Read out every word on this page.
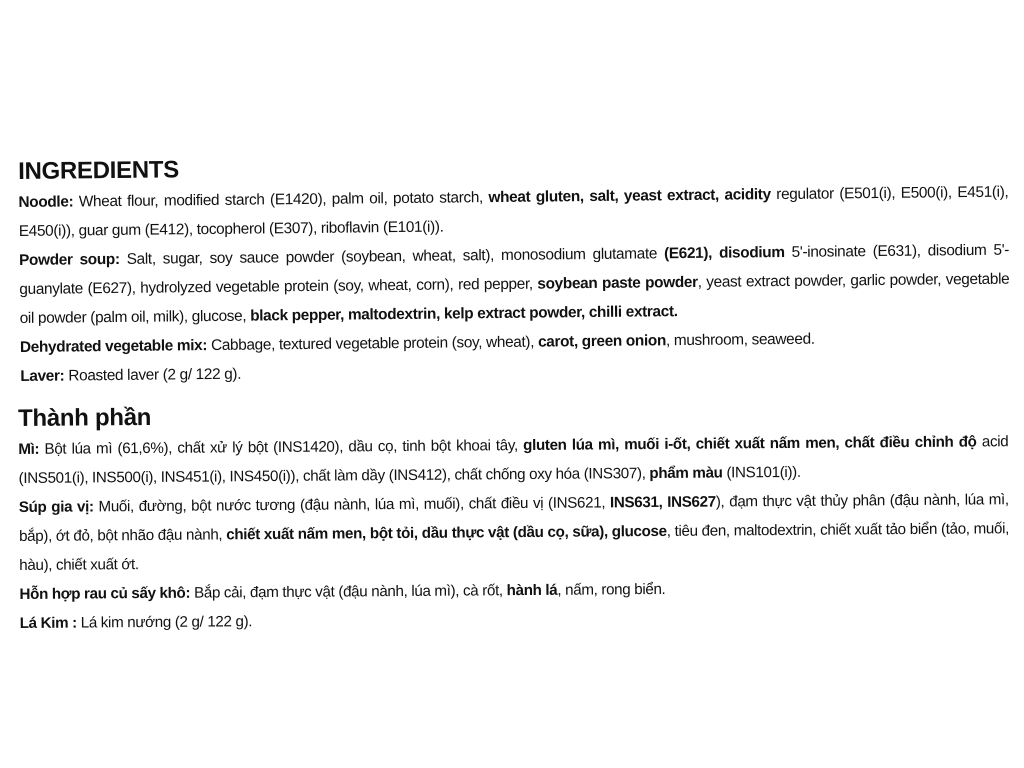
INGREDIENTS

Noodle: Wheat flour, modified starch (E1420), palm oil, potato starch, wheat gluten, salt, yeast extract, acidity regulator (E501(i), E500(i), E451(i), E450(i)), guar gum (E412), tocopherol (E307), riboflavin (E101(i)).

Powder soup: Salt, sugar, soy sauce powder (soybean, wheat, salt), monosodium glutamate (E621), disodium 5'-inosinate (E631), disodium 5'-guanylate (E627), hydrolyzed vegetable protein (soy, wheat, corn), red pepper, soybean paste powder, yeast extract powder, garlic powder, vegetable oil powder (palm oil, milk), glucose, black pepper, maltodextrin, kelp extract powder, chilli extract.

Dehydrated vegetable mix: Cabbage, textured vegetable protein (soy, wheat), carot, green onion, mushroom, seaweed.

Laver: Roasted laver (2 g/ 122 g).

Thành phần

Mì: Bột lúa mì (61,6%), chất xử lý bột (INS1420), dầu cọ, tinh bột khoai tây, gluten lúa mì, muối i-ốt, chiết xuất nấm men, chất điều chỉnh độ acid (INS501(i), INS500(i), INS451(i), INS450(i)), chất làm dầy (INS412), chất chống oxy hóa (INS307), phẩm màu (INS101(i)).

Súp gia vị: Muối, đường, bột nước tương (đậu nành, lúa mì, muối), chất điều vị (INS621, INS631, INS627), đạm thực vật thủy phân (đậu nành, lúa mì, bắp), ớt đỏ, bột nhão đậu nành, chiết xuất nấm men, bột tỏi, dầu thực vật (dầu cọ, sữa), glucose, tiêu đen, maltodextrin, chiết xuất tảo biển (tảo, muối, hàu), chiết xuất ớt.

Hỗn hợp rau củ sấy khô: Bắp cải, đạm thực vật (đậu nành, lúa mì), cà rốt, hành lá, nấm, rong biển.

Lá Kim : Lá kim nướng (2 g/ 122 g).
